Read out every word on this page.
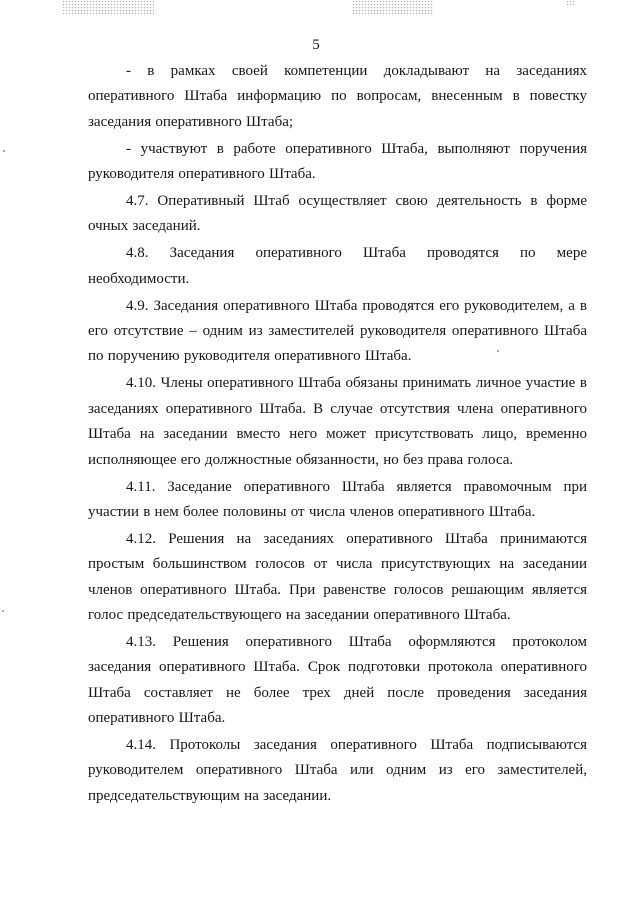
5

- в рамках своей компетенции докладывают на заседаниях оперативного Штаба информацию по вопросам, внесенным в повестку заседания оперативного Штаба;

- участвуют в работе оперативного Штаба, выполняют поручения руководителя оперативного Штаба.

4.7. Оперативный Штаб осуществляет свою деятельность в форме очных заседаний.

4.8. Заседания оперативного Штаба проводятся по мере необходимости.

4.9. Заседания оперативного Штаба проводятся его руководителем, а в его отсутствие – одним из заместителей руководителя оперативного Штаба по поручению руководителя оперативного Штаба.

4.10. Члены оперативного Штаба обязаны принимать личное участие в заседаниях оперативного Штаба. В случае отсутствия члена оперативного Штаба на заседании вместо него может присутствовать лицо, временно исполняющее его должностные обязанности, но без права голоса.

4.11. Заседание оперативного Штаба является правомочным при участии в нем более половины от числа членов оперативного Штаба.

4.12. Решения на заседаниях оперативного Штаба принимаются простым большинством голосов от числа присутствующих на заседании членов оперативного Штаба. При равенстве голосов решающим является голос председательствующего на заседании оперативного Штаба.

4.13. Решения оперативного Штаба оформляются протоколом заседания оперативного Штаба. Срок подготовки протокола оперативного Штаба составляет не более трех дней после проведения заседания оперативного Штаба.

4.14. Протоколы заседания оперативного Штаба подписываются руководителем оперативного Штаба или одним из его заместителей, председательствующим на заседании.
